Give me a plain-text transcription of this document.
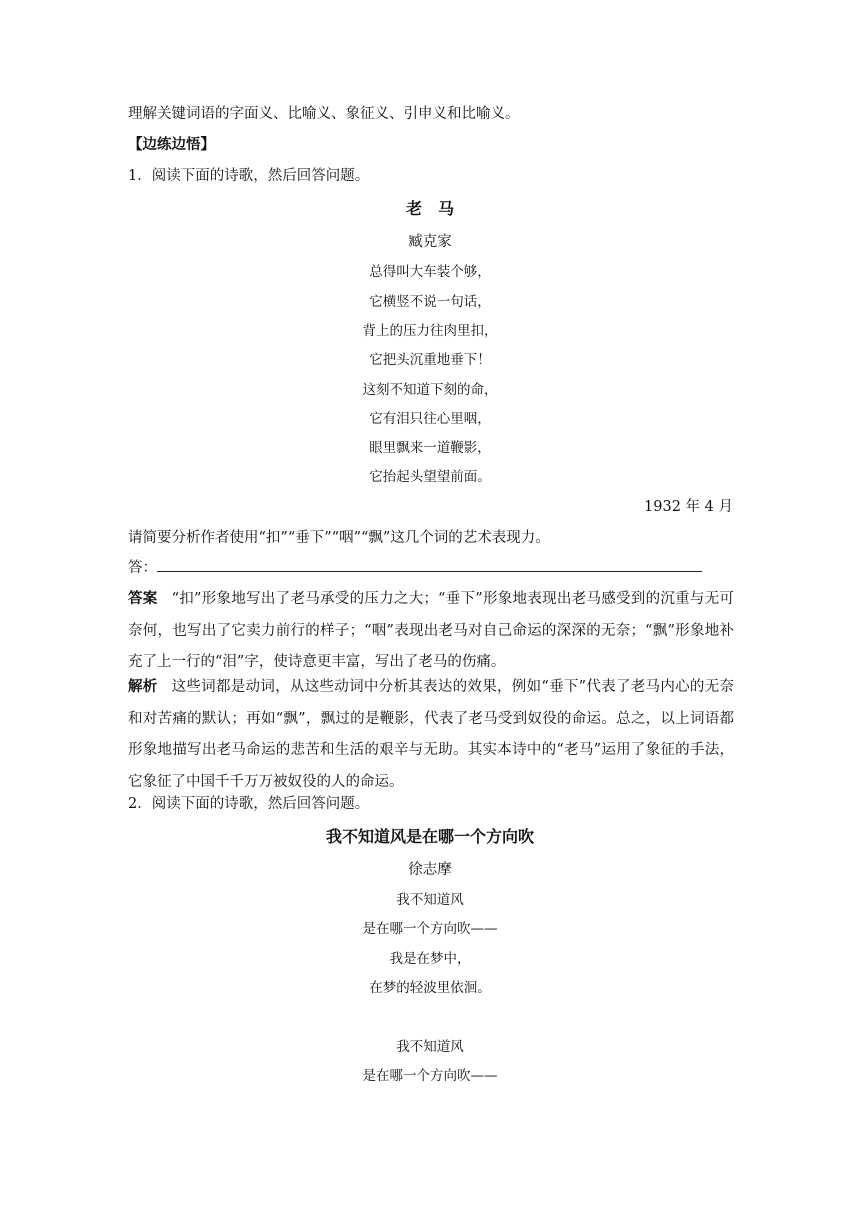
理解关键词语的字面义、比喻义、象征义、引申义和比喻义。
【边练边悟】
1．阅读下面的诗歌，然后回答问题。
老　马
臧克家
总得叫大车装个够，
它横竖不说一句话，
背上的压力往肉里扣，
它把头沉重地垂下！
这刻不知道下刻的命，
它有泪只往心里咽，
眼里飘来一道鞭影，
它抬起头望望前面。
1932 年 4 月
请简要分析作者使用“扣”“垂下”“咽”“飘”这几个词的艺术表现力。
答：
答案 “扣”形象地写出了老马承受的压力之大；“垂下”形象地表现出老马感受到的沉重与无可奈何，也写出了它卖力前行的样子；“咽”表现出老马对自己命运的深深的无奈；“飘”形象地补充了上一行的“泪”字，使诗意更丰富，写出了老马的伤痛。
解析 这些词都是动词，从这些动词中分析其表达的效果，例如“垂下”代表了老马内心的无奈和对苦痛的默认；再如“飘”，飘过的是鞭影，代表了老马受到奴役的命运。总之，以上词语都形象地描写出老马命运的悲苦和生活的艰辛与无助。其实本诗中的“老马”运用了象征的手法，它象征了中国千千万万被奴役的人的命运。
2．阅读下面的诗歌，然后回答问题。
我不知道风是在哪一个方向吹
徐志摩
我不知道风
是在哪一个方向吹——
我是在梦中，
在梦的轻波里依洄。
我不知道风
是在哪一个方向吹——
